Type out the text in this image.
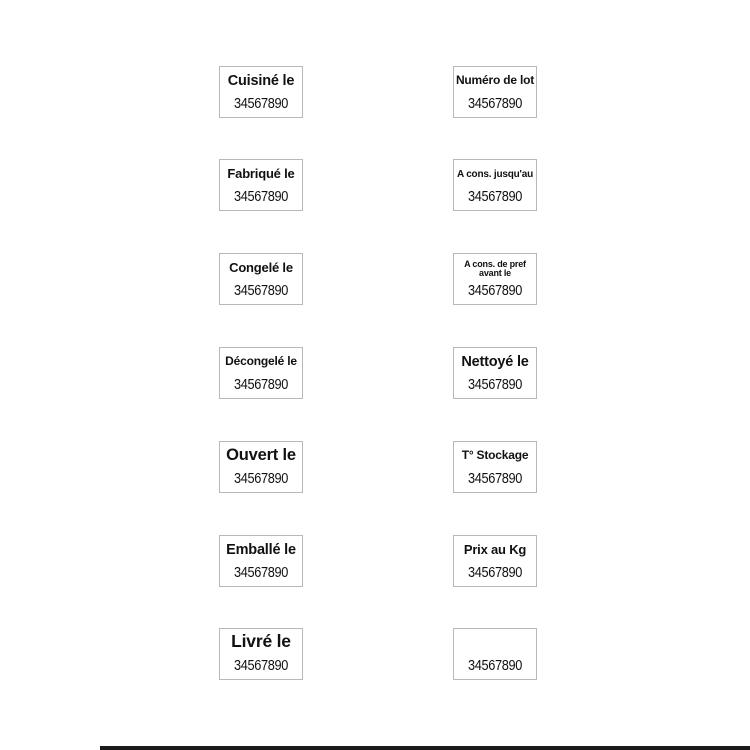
Cuisiné le
34567890
Fabriqué le
34567890
Congelé le
34567890
Décongelé le
34567890
Ouvert le
34567890
Emballé le
34567890
Livré le
34567890
Numéro de lot
34567890
A cons. jusqu'au
34567890
A cons. de pref avant le
34567890
Nettoyé le
34567890
T° Stockage
34567890
Prix au Kg
34567890
34567890
